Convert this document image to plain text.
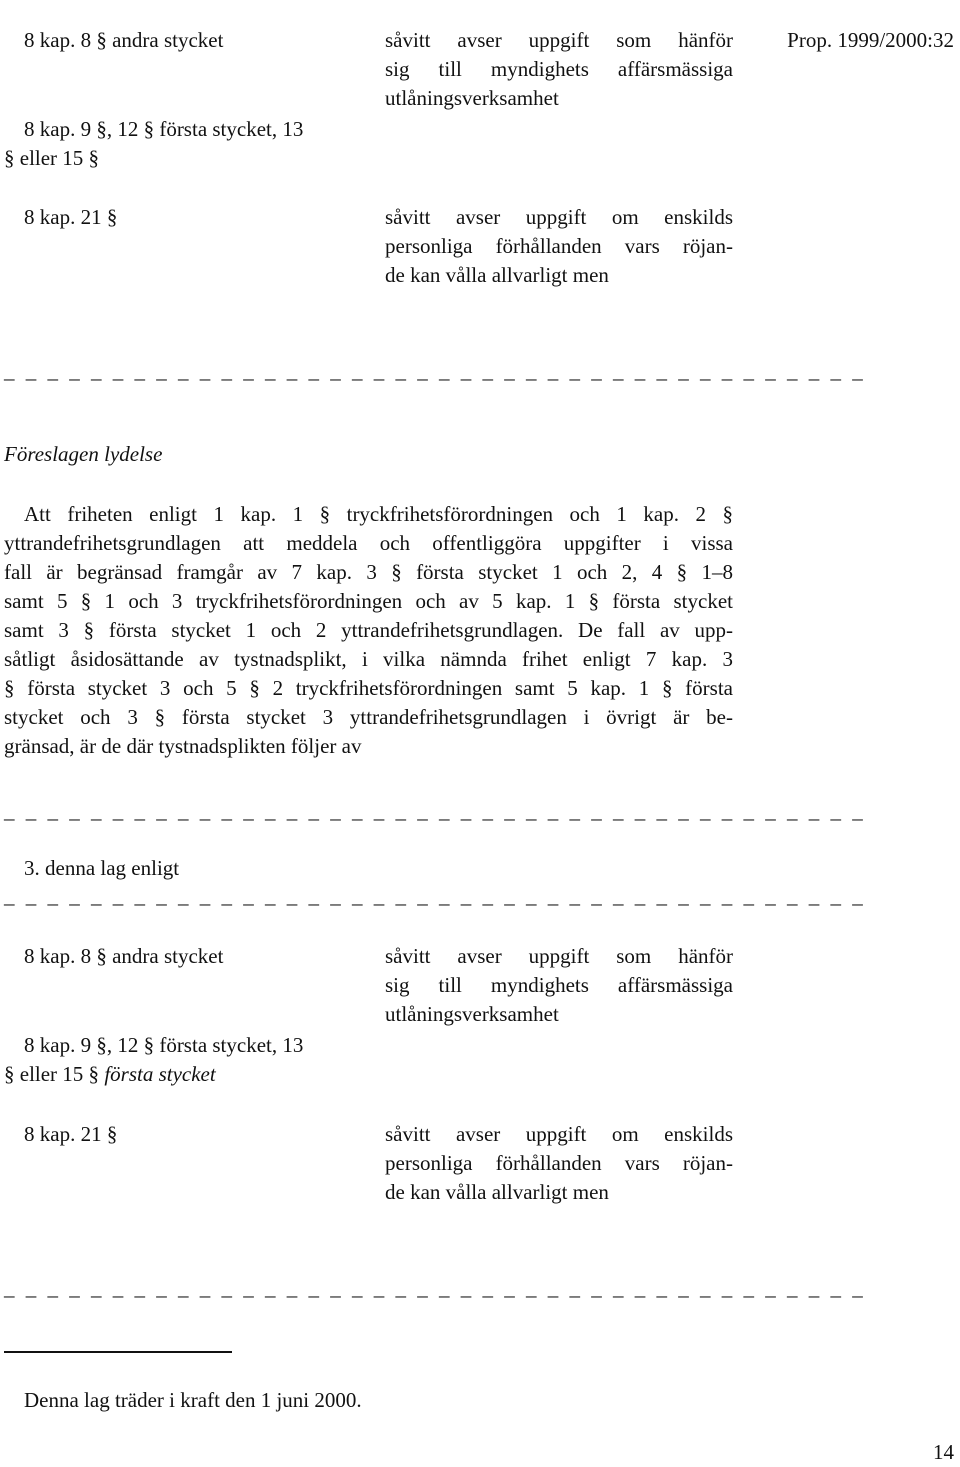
Prop. 1999/2000:32
8 kap. 8 § andra stycket	såvitt avser uppgift som hänför
sig till myndighets affärsmässiga
utlåningsverksamhet
8 kap. 9 §, 12 § första stycket, 13
§ eller 15 §
8 kap. 21 §	såvitt avser uppgift om enskilds
personliga förhållanden vars röjan-
de kan vålla allvarligt men
_ _ _ _ _ _ _ _ _ _ _ _ _ _ _ _ _ _ _ _ _ _ _ _ _ _ _ _ _ _ _ _ _ _ _ _ _ _ _ _
Föreslagen lydelse
Att friheten enligt 1 kap. 1 § tryckfrihetsförordningen och 1 kap. 2 §
yttrandefrihetsgrundlagen att meddela och offentliggöra uppgifter i vissa
fall är begränsad framgår av 7 kap. 3 § första stycket 1 och 2, 4 § 1–8
samt 5 § 1 och 3 tryckfrihetsförordningen och av 5 kap. 1 § första stycket
samt 3 § första stycket 1 och 2 yttrandefrihetsgrundlagen. De fall av upp-
såtligt åsidosättande av tystnadsplikt, i vilka nämnda frihet enligt 7 kap. 3
§ första stycket 3 och 5 § 2 tryckfrihetsförordningen samt 5 kap. 1 § första
stycket och 3 § första stycket 3 yttrandefrihetsgrundlagen i övrigt är be-
gränsad, är de där tystnadsplikten följer av
_ _ _ _ _ _ _ _ _ _ _ _ _ _ _ _ _ _ _ _ _ _ _ _ _ _ _ _ _ _ _ _ _ _ _ _ _ _ _ _
3. denna lag enligt
_ _ _ _ _ _ _ _ _ _ _ _ _ _ _ _ _ _ _ _ _ _ _ _ _ _ _ _ _ _ _ _ _ _ _ _ _ _ _ _
8 kap. 8 § andra stycket	såvitt avser uppgift som hänför
sig till myndighets affärsmässiga
utlåningsverksamhet
8 kap. 9 §, 12 § första stycket, 13
§ eller 15 § första stycket
8 kap. 21 §	såvitt avser uppgift om enskilds
personliga förhållanden vars röjan-
de kan vålla allvarligt men
_ _ _ _ _ _ _ _ _ _ _ _ _ _ _ _ _ _ _ _ _ _ _ _ _ _ _ _ _ _ _ _ _ _ _ _ _ _ _ _
Denna lag träder i kraft den 1 juni 2000.
14
